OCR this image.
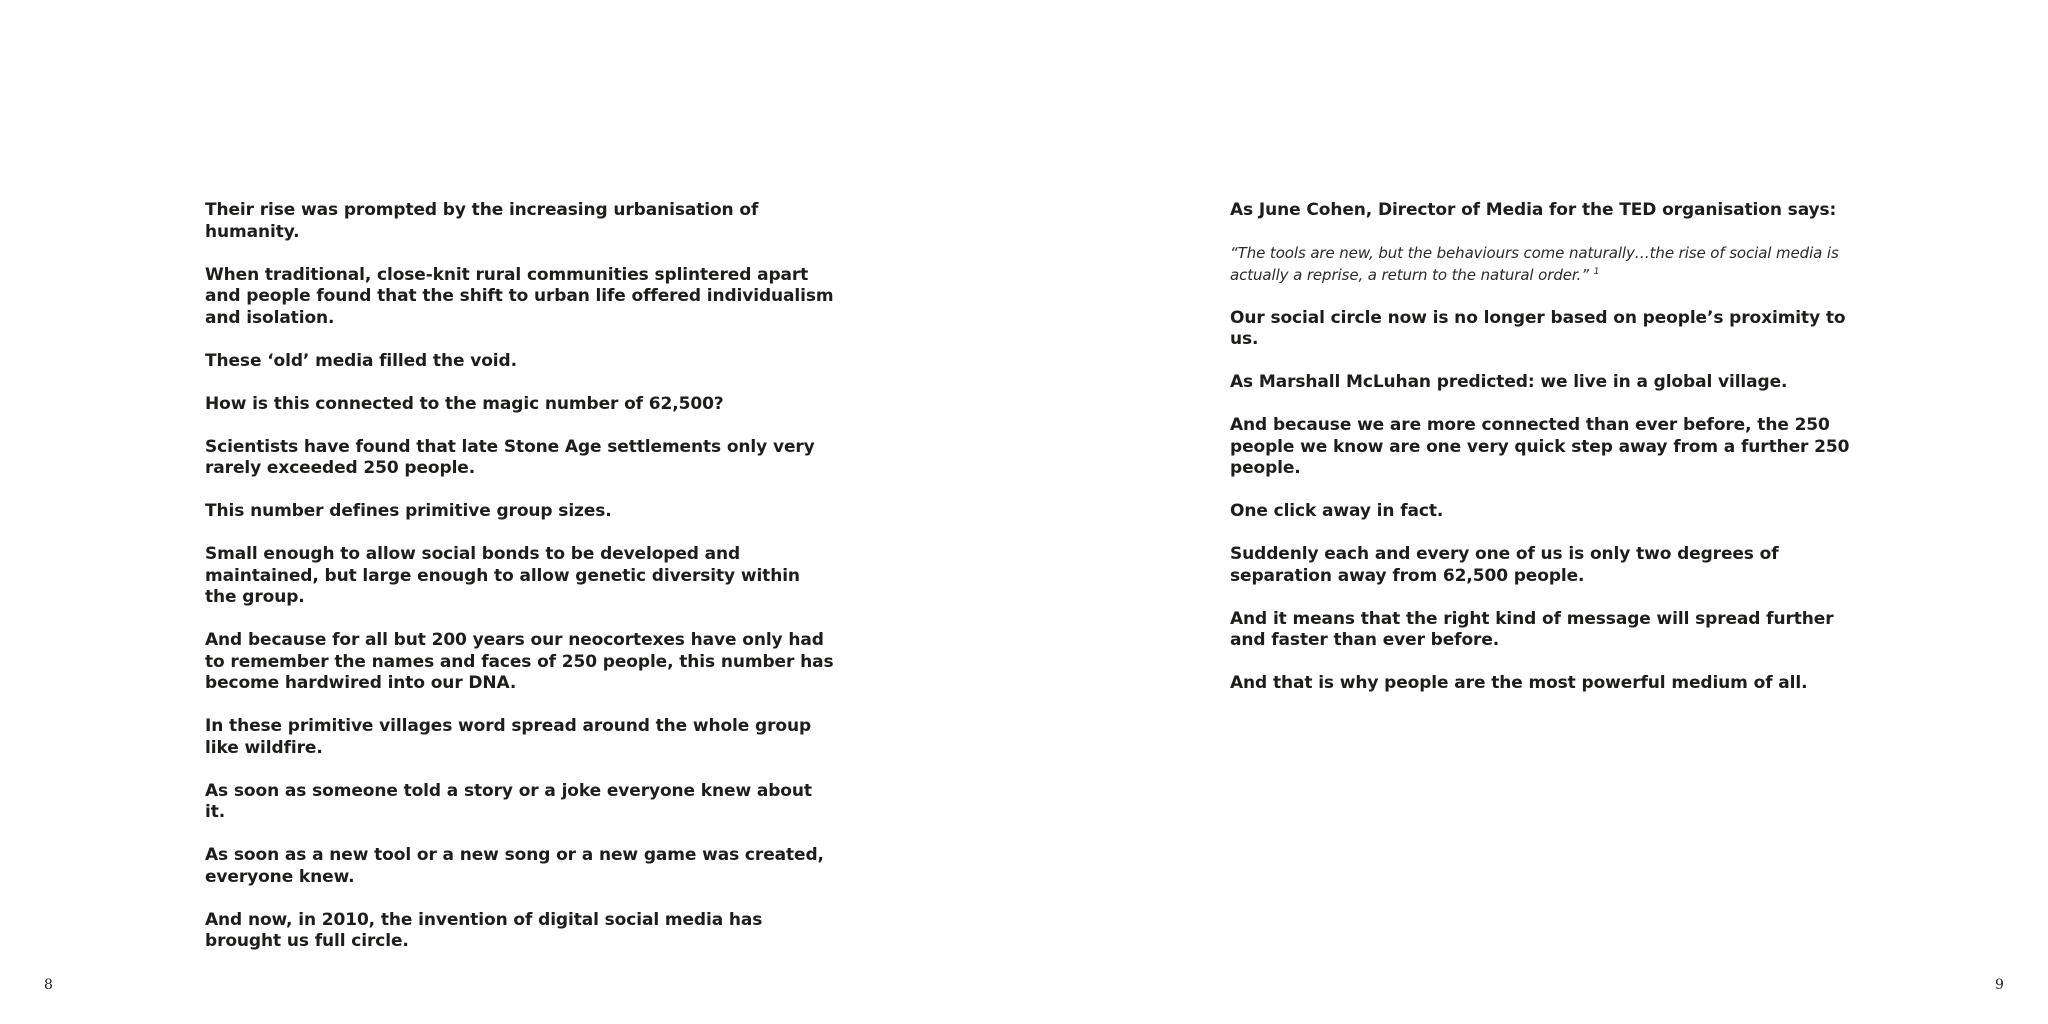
Their rise was prompted by the increasing urbanisation of humanity.

When traditional, close-knit rural communities splintered apart and people found that the shift to urban life offered individualism and isolation.

These ‘old’ media filled the void.

How is this connected to the magic number of 62,500?

Scientists have found that late Stone Age settlements only very rarely exceeded 250 people.

This number defines primitive group sizes.

Small enough to allow social bonds to be developed and maintained, but large enough to allow genetic diversity within the group.

And because for all but 200 years our neocortexes have only had to remember the names and faces of 250 people, this number has become hardwired into our DNA.

In these primitive villages word spread around the whole group like wildfire.

As soon as someone told a story or a joke everyone knew about it.

As soon as a new tool or a new song or a new game was created, everyone knew.

And now, in 2010, the invention of digital social media has brought us full circle.

8

As June Cohen, Director of Media for the TED organisation says:

“The tools are new, but the behaviours come naturally…the rise of social media is actually a reprise, a return to the natural order.” $^1$

Our social circle now is no longer based on people’s proximity to us.

As Marshall McLuhan predicted: we live in a global village.

And because we are more connected than ever before, the 250 people we know are one very quick step away from a further 250 people.

One click away in fact.

Suddenly each and every one of us is only two degrees of separation away from 62,500 people.

And it means that the right kind of message will spread further and faster than ever before.

And that is why people are the most powerful medium of all.

9
